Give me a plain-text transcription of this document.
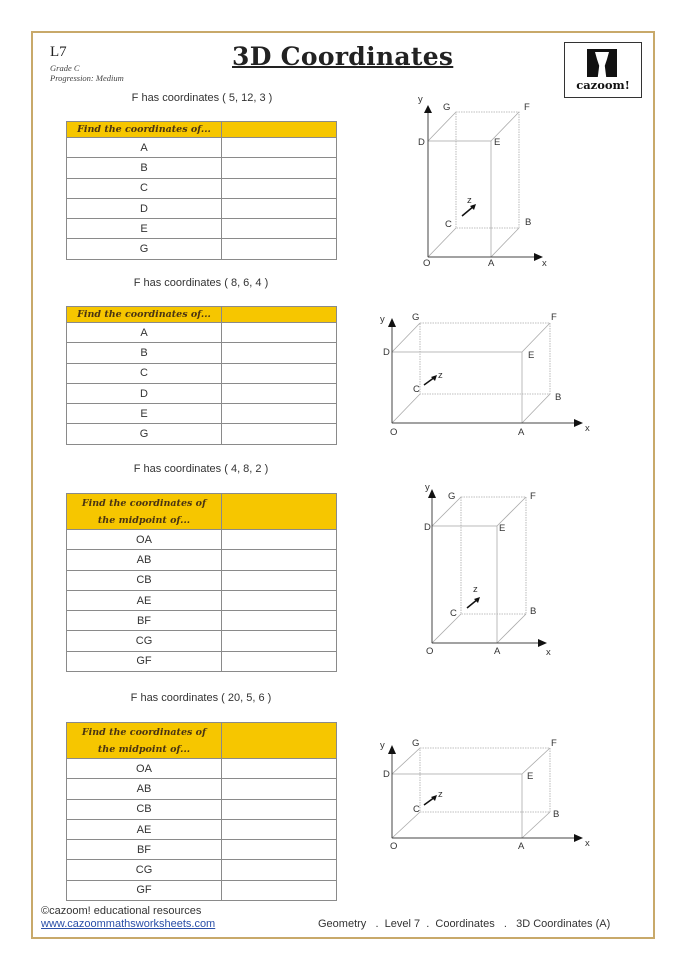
L7
Grade C
Progression: Medium
3D Coordinates
cazoom!
F has coordinates ( 5, 12, 3 )
Find the coordinates of...	
A	
B	
C	
D	
E	
G	
y
G	F
D	E
z
C	B
O	A	x
F has coordinates ( 8, 6, 4 )
Find the coordinates of...	
A	
B	
C	
D	
E	
G	
y	G	F
D	E
z
C
B
O	A	x
F has coordinates ( 4, 8, 2 )
Find the coordinates of
the midpoint of...	
OA	
AB	
CB	
AE	
BF	
CG	
GF	
y
G	F
D	E
z
C	B
O	A	x
F has coordinates ( 20, 5, 6 )
Find the coordinates of
the midpoint of...	
OA	
AB	
CB	
AE	
BF	
CG	
GF	
y	G	F
D	E
z
C	B
O	A	x
©cazoom! educational resources
www.cazoommathsworksheets.com	Geometry   .  Level 7  .  Coordinates   .   3D Coordinates (A)
